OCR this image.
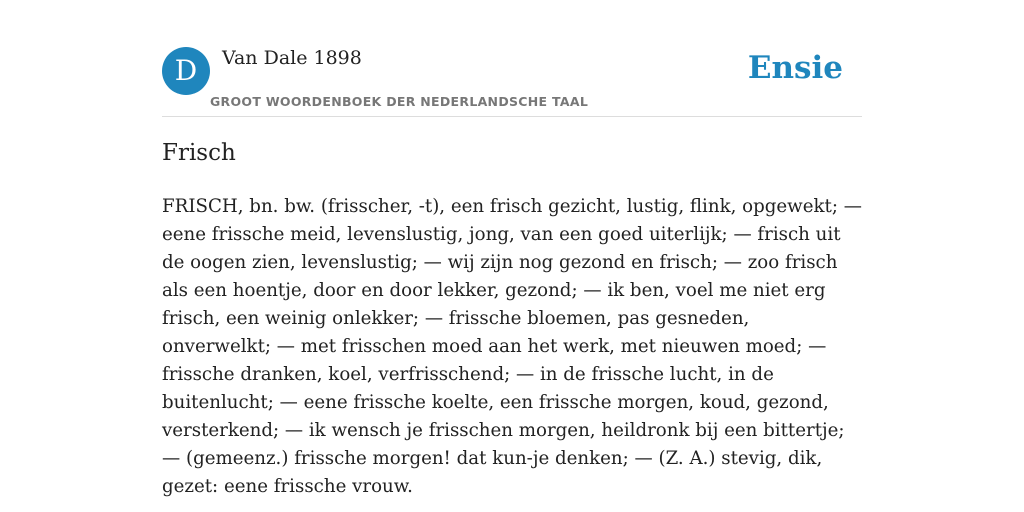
D	Van Dale 1898
GROOT WOORDENBOEK DER NEDERLANDSCHE TAAL
Ensie
Frisch

FRISCH, bn. bw. (frisscher, -t), een frisch gezicht, lustig, flink, opgewekt; — eene frissche meid, levenslustig, jong, van een goed uiterlijk; — frisch uit de oogen zien, levenslustig; — wij zijn nog gezond en frisch; — zoo frisch als een hoentje, door en door lekker, gezond; — ik ben, voel me niet erg frisch, een weinig onlekker; — frissche bloemen, pas gesneden, onverwelkt; — met frisschen moed aan het werk, met nieuwen moed; — frissche dranken, koel, verfrisschend; — in de frissche lucht, in de buitenlucht; — eene frissche koelte, een frissche morgen, koud, gezond, versterkend; — ik wensch je frisschen morgen, heildronk bij een bittertje; — (gemeenz.) frissche morgen! dat kun-je denken; — (Z. A.) stevig, dik, gezet: eene frissche vrouw.
